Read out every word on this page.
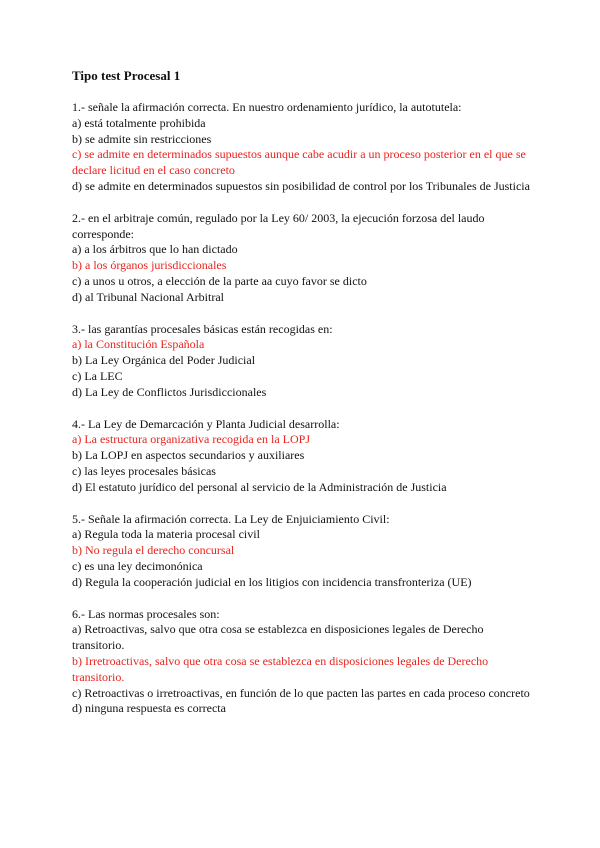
Tipo test Procesal 1
1.- señale la afirmación correcta. En nuestro ordenamiento jurídico, la autotutela:
a) está totalmente prohibida
b) se admite sin restricciones
c) se admite en determinados supuestos aunque cabe acudir a un proceso posterior en el que se declare licitud en el caso concreto
d) se admite en determinados supuestos sin posibilidad de control por los Tribunales de Justicia
2.- en el arbitraje común, regulado por la Ley 60/ 2003, la ejecución forzosa del laudo corresponde:
a) a los árbitros que lo han dictado
b) a los órganos jurisdiccionales
c) a unos u otros, a elección de la parte aa cuyo favor se dicto
d) al Tribunal Nacional Arbitral
3.- las garantías procesales básicas están recogidas en:
a) la Constitución Española
b) La Ley Orgánica del Poder Judicial
c) La LEC
d) La Ley de Conflictos Jurisdiccionales
4.- La Ley de Demarcación y Planta Judicial desarrolla:
a) La estructura organizativa recogida en la LOPJ
b) La LOPJ en aspectos secundarios y auxiliares
c) las leyes procesales básicas
d) El estatuto jurídico del personal al servicio de la Administración de Justicia
5.- Señale la afirmación correcta. La Ley de Enjuiciamiento Civil:
a) Regula toda la materia procesal civil
b) No regula el derecho concursal
c) es una ley decimonónica
d) Regula la cooperación judicial en los litigios con incidencia transfronteriza (UE)
6.- Las normas procesales son:
a) Retroactivas, salvo que otra cosa se establezca en disposiciones legales de Derecho transitorio.
b) Irretroactivas, salvo que otra cosa se establezca en disposiciones legales de Derecho transitorio.
c) Retroactivas o irretroactivas, en función de lo que pacten las partes en cada proceso concreto
d) ninguna respuesta es correcta
